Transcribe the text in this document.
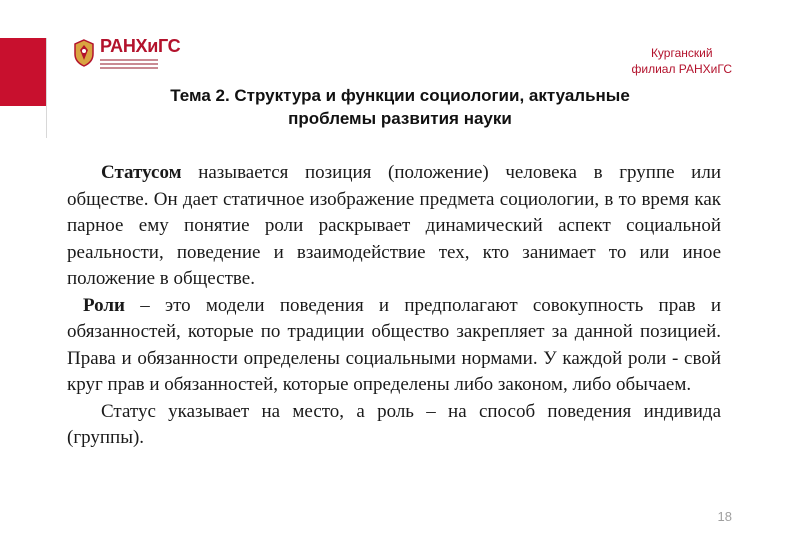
РАНХиГС	Курганский
филиал РАНХиГС
Тема 2. Структура и функции социологии, актуальные
проблемы развития науки

Статусом называется позиция (положение) человека в группе или обществе. Он дает статичное изображение предмета социологии, в то время как парное ему понятие роли раскрывает динамический аспект социальной реальности, поведение и взаимодействие тех, кто занимает то или иное положение в обществе.

Роли – это модели поведения и предполагают совокупность прав и обязанностей, которые по традиции общество закрепляет за данной позицией. Права и обязанности определены социальными нормами. У каждой роли - свой круг прав и обязанностей, которые определены либо законом, либо обычаем.

Статус указывает на место, а роль – на способ поведения индивида (группы).

18
